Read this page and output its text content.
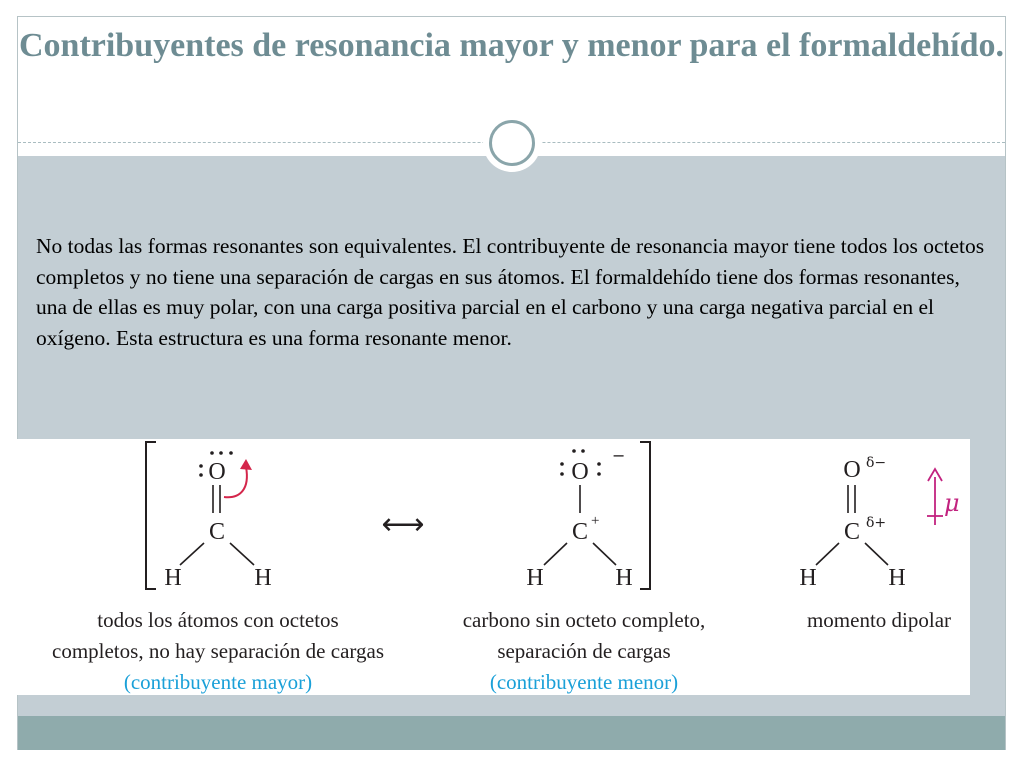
Contribuyentes de resonancia mayor y menor para el formaldehído.

No todas las formas resonantes son equivalentes. El contribuyente de resonancia mayor tiene todos los octetos completos y no tiene una separación de cargas en sus átomos. El formaldehído tiene dos formas resonantes, una de ellas es muy polar, con una carga positiva parcial en el carbono y una carga negativa parcial en el oxígeno. Esta estructura es una forma resonante menor.

O
C
H	H
⟷
O
−
C +
H	H
O δ−
C δ+
H	H
μ
todos los átomos con octetos
completos, no hay separación de cargas
(contribuyente mayor)
carbono sin octeto completo,
separación de cargas
(contribuyente menor)
momento dipolar
